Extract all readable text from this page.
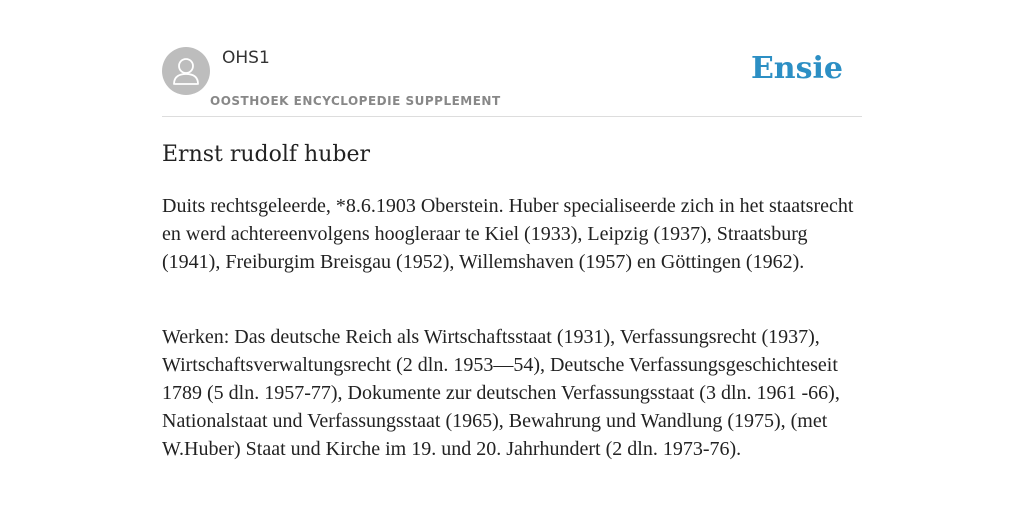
OHS1
OOSTHOEK ENCYCLOPEDIE SUPPLEMENT
Ensie
Ernst rudolf huber

Duits rechtsgeleerde, *8.6.1903 Oberstein. Huber specialiseerde zich in het staatsrecht en werd achtereenvolgens hoogleraar te Kiel (1933), Leipzig (1937), Straatsburg (1941), Freiburgim Breisgau (1952), Willemshaven (1957) en Göttingen (1962).

Werken: Das deutsche Reich als Wirtschaftsstaat (1931), Verfassungsrecht (1937), Wirtschaftsverwaltungsrecht (2 dln. 1953—54), Deutsche Verfassungsgeschichteseit 1789 (5 dln. 1957-77), Dokumente zur deutschen Verfassungsstaat (3 dln. 1961 -66), Nationalstaat und Verfassungsstaat (1965), Bewahrung und Wandlung (1975), (met W.Huber) Staat und Kirche im 19. und 20. Jahrhundert (2 dln. 1973-76).
